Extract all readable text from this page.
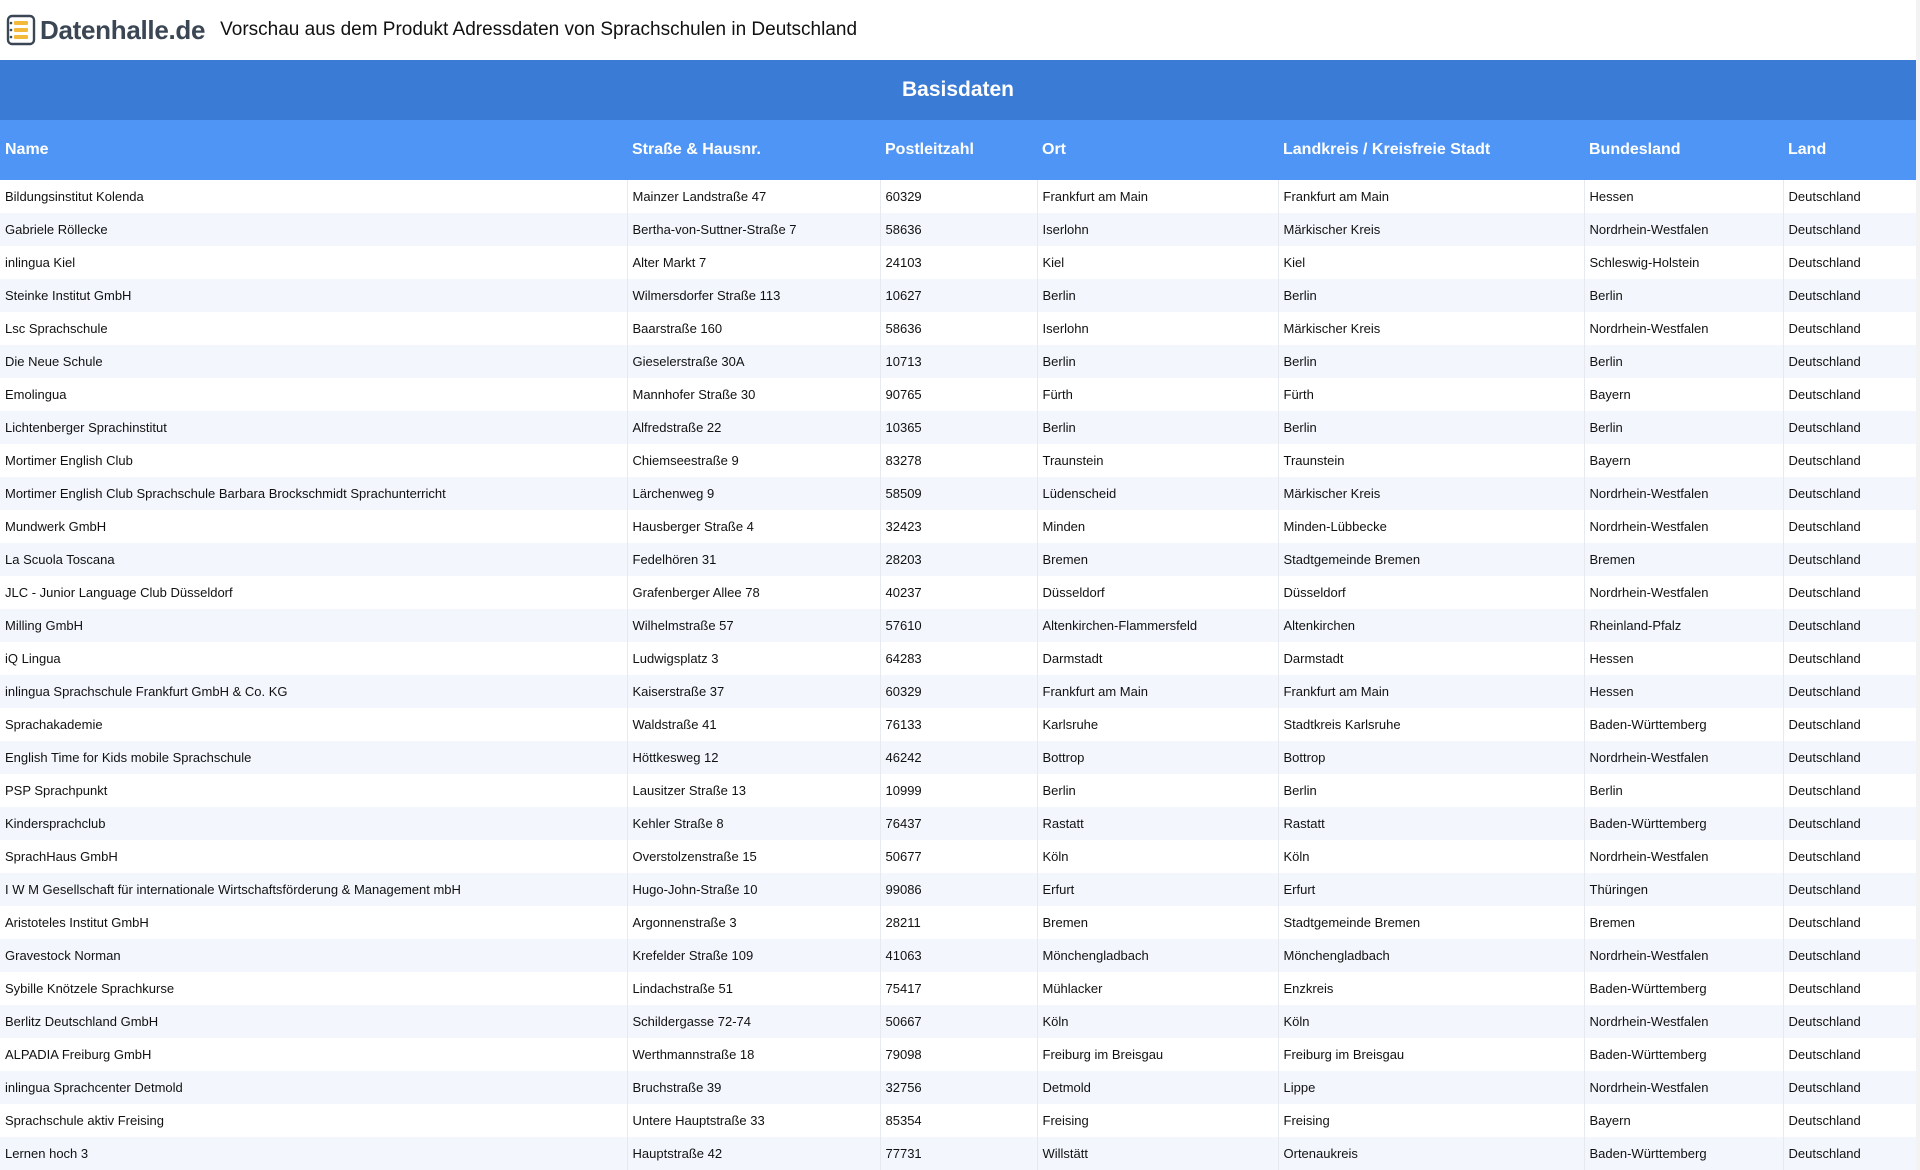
Datenhalle.de Vorschau aus dem Produkt Adressdaten von Sprachschulen in Deutschland
Basisdaten
Name	Straße & Hausnr.	Postleitzahl	Ort	Landkreis / Kreisfreie Stadt	Bundesland	Land
Bildungsinstitut Kolenda	Mainzer Landstraße 47	60329	Frankfurt am Main	Frankfurt am Main	Hessen	Deutschland
Gabriele Röllecke	Bertha-von-Suttner-Straße 7	58636	Iserlohn	Märkischer Kreis	Nordrhein-Westfalen	Deutschland
inlingua Kiel	Alter Markt 7	24103	Kiel	Kiel	Schleswig-Holstein	Deutschland
Steinke Institut GmbH	Wilmersdorfer Straße 113	10627	Berlin	Berlin	Berlin	Deutschland
Lsc Sprachschule	Baarstraße 160	58636	Iserlohn	Märkischer Kreis	Nordrhein-Westfalen	Deutschland
Die Neue Schule	Gieselerstraße 30A	10713	Berlin	Berlin	Berlin	Deutschland
Emolingua	Mannhofer Straße 30	90765	Fürth	Fürth	Bayern	Deutschland
Lichtenberger Sprachinstitut	Alfredstraße 22	10365	Berlin	Berlin	Berlin	Deutschland
Mortimer English Club	Chiemseestraße 9	83278	Traunstein	Traunstein	Bayern	Deutschland
Mortimer English Club Sprachschule Barbara Brockschmidt Sprachunterricht	Lärchenweg 9	58509	Lüdenscheid	Märkischer Kreis	Nordrhein-Westfalen	Deutschland
Mundwerk GmbH	Hausberger Straße 4	32423	Minden	Minden-Lübbecke	Nordrhein-Westfalen	Deutschland
La Scuola Toscana	Fedelhören 31	28203	Bremen	Stadtgemeinde Bremen	Bremen	Deutschland
JLC - Junior Language Club Düsseldorf	Grafenberger Allee 78	40237	Düsseldorf	Düsseldorf	Nordrhein-Westfalen	Deutschland
Milling GmbH	Wilhelmstraße 57	57610	Altenkirchen-Flammersfeld	Altenkirchen	Rheinland-Pfalz	Deutschland
iQ Lingua	Ludwigsplatz 3	64283	Darmstadt	Darmstadt	Hessen	Deutschland
inlingua Sprachschule Frankfurt GmbH & Co. KG	Kaiserstraße 37	60329	Frankfurt am Main	Frankfurt am Main	Hessen	Deutschland
Sprachakademie	Waldstraße 41	76133	Karlsruhe	Stadtkreis Karlsruhe	Baden-Württemberg	Deutschland
English Time for Kids mobile Sprachschule	Höttkesweg 12	46242	Bottrop	Bottrop	Nordrhein-Westfalen	Deutschland
PSP Sprachpunkt	Lausitzer Straße 13	10999	Berlin	Berlin	Berlin	Deutschland
Kindersprachclub	Kehler Straße 8	76437	Rastatt	Rastatt	Baden-Württemberg	Deutschland
SprachHaus GmbH	Overstolzenstraße 15	50677	Köln	Köln	Nordrhein-Westfalen	Deutschland
I W M Gesellschaft für internationale Wirtschaftsförderung & Management mbH	Hugo-John-Straße 10	99086	Erfurt	Erfurt	Thüringen	Deutschland
Aristoteles Institut GmbH	Argonnenstraße 3	28211	Bremen	Stadtgemeinde Bremen	Bremen	Deutschland
Gravestock Norman	Krefelder Straße 109	41063	Mönchengladbach	Mönchengladbach	Nordrhein-Westfalen	Deutschland
Sybille Knötzele Sprachkurse	Lindachstraße 51	75417	Mühlacker	Enzkreis	Baden-Württemberg	Deutschland
Berlitz Deutschland GmbH	Schildergasse 72-74	50667	Köln	Köln	Nordrhein-Westfalen	Deutschland
ALPADIA Freiburg GmbH	Werthmannstraße 18	79098	Freiburg im Breisgau	Freiburg im Breisgau	Baden-Württemberg	Deutschland
inlingua Sprachcenter Detmold	Bruchstraße 39	32756	Detmold	Lippe	Nordrhein-Westfalen	Deutschland
Sprachschule aktiv Freising	Untere Hauptstraße 33	85354	Freising	Freising	Bayern	Deutschland
Lernen hoch 3	Hauptstraße 42	77731	Willstätt	Ortenaukreis	Baden-Württemberg	Deutschland
